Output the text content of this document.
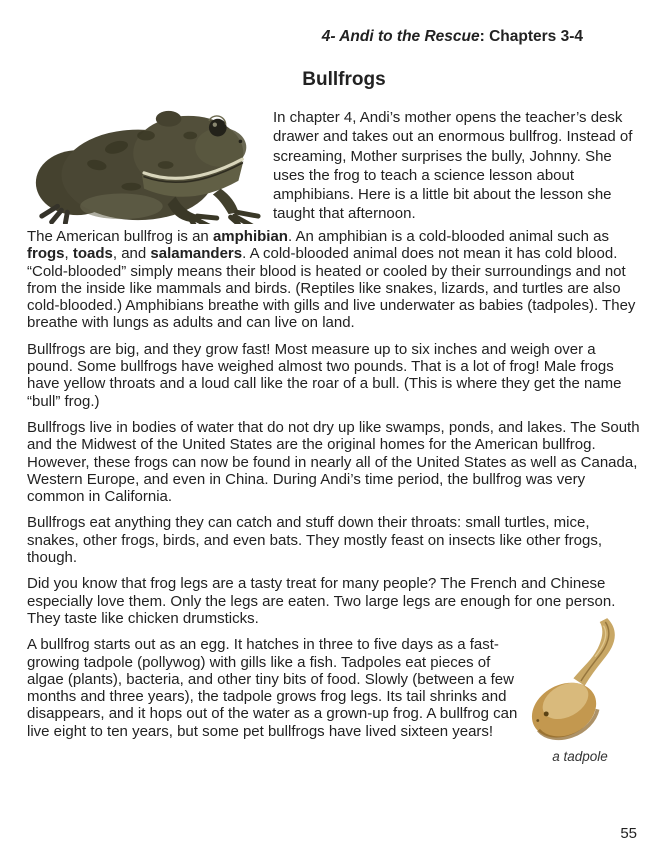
4- Andi to the Rescue: Chapters 3-4
Bullfrogs

In chapter 4, Andi’s mother opens the teacher’s desk drawer and takes out an enormous bullfrog. Instead of screaming, Mother surprises the bully, Johnny. She uses the frog to teach a science lesson about amphibians. Here is a little bit about the lesson she taught that afternoon.

The American bullfrog is an amphibian. An amphibian is a cold-blooded animal such as frogs, toads, and salamanders. A cold-blooded animal does not mean it has cold blood. “Cold-blooded” simply means their blood is heated or cooled by their surroundings and not from the inside like mammals and birds. (Reptiles like snakes, lizards, and turtles are also cold-blooded.) Amphibians breathe with gills and live underwater as babies (tadpoles). They breathe with lungs as adults and can live on land.

Bullfrogs are big, and they grow fast! Most measure up to six inches and weigh over a pound. Some bullfrogs have weighed almost two pounds. That is a lot of frog! Male frogs have yellow throats and a loud call like the roar of a bull. (This is where they get the name “bull” frog.)

Bullfrogs live in bodies of water that do not dry up like swamps, ponds, and lakes. The South and the Midwest of the United States are the original homes for the American bullfrog. However, these frogs can now be found in nearly all of the United States as well as Canada, Western Europe, and even in China. During Andi’s time period, the bullfrog was very common in California.

Bullfrogs eat anything they can catch and stuff down their throats: small turtles, mice, snakes, other frogs, birds, and even bats. They mostly feast on insects like other frogs, though.

Did you know that frog legs are a tasty treat for many people? The French and Chinese especially love them. Only the legs are eaten. Two large legs are enough for one person. They taste like chicken drumsticks.

A bullfrog starts out as an egg. It hatches in three to five days as a fast-growing tadpole (pollywog) with gills like a fish. Tadpoles eat pieces of algae (plants), bacteria, and other tiny bits of food. Slowly (between a few months and three years), the tadpole grows frog legs. Its tail shrinks and disappears, and it hops out of the water as a grown-up frog. A bullfrog can live eight to ten years, but some pet bullfrogs have lived sixteen years!

a tadpole
55
